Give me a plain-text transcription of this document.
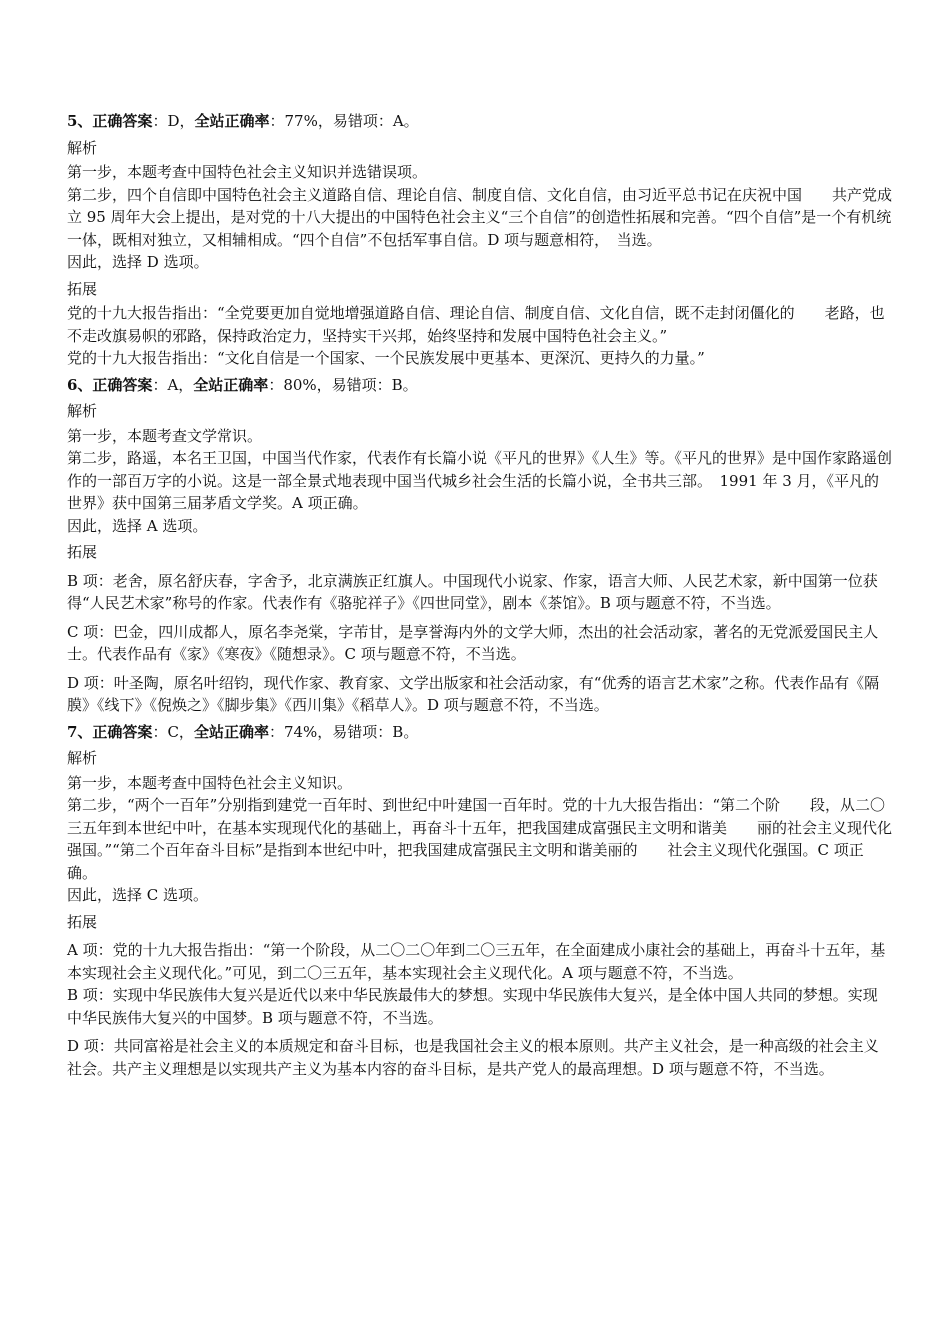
5、正确答案：D，全站正确率：77%，易错项：A。

解析

第一步，本题考查中国特色社会主义知识并选错误项。

第二步，四个自信即中国特色社会主义道路自信、理论自信、制度自信、文化自信，由习近平总书记在庆祝中国　　共产党成立 95 周年大会上提出，是对党的十八大提出的中国特色社会主义“三个自信”的创造性拓展和完善。“四个自信”是一个有机统一体，既相对独立，又相辅相成。“四个自信”不包括军事自信。D 项与题意相符，　当选。

因此，选择 D 选项。

拓展

党的十九大报告指出：“全党要更加自觉地增强道路自信、理论自信、制度自信、文化自信，既不走封闭僵化的　　老路，也不走改旗易帜的邪路，保持政治定力，坚持实干兴邦，始终坚持和发展中国特色社会主义。”

党的十九大报告指出：“文化自信是一个国家、一个民族发展中更基本、更深沉、更持久的力量。”

6、正确答案：A，全站正确率：80%，易错项：B。

解析

第一步，本题考查文学常识。

第二步，路遥，本名王卫国，中国当代作家，代表作有长篇小说《平凡的世界》《人生》等。《平凡的世界》是中国作家路遥创作的一部百万字的小说。这是一部全景式地表现中国当代城乡社会生活的长篇小说，全书共三部。　1991 年 3 月，《平凡的世界》获中国第三届茅盾文学奖。A 项正确。

因此，选择 A 选项。

拓展

B 项：老舍，原名舒庆春，字舍予，北京满族正红旗人。中国现代小说家、作家，语言大师、人民艺术家，新中国第一位获得“人民艺术家”称号的作家。代表作有《骆驼祥子》《四世同堂》，剧本《茶馆》。B 项与题意不符，不当选。

C 项：巴金，四川成都人，原名李尧棠，字芾甘，是享誉海内外的文学大师，杰出的社会活动家，著名的无党派爱国民主人士。代表作品有《家》《寒夜》《随想录》。C 项与题意不符，不当选。

D 项：叶圣陶，原名叶绍钧，现代作家、教育家、文学出版家和社会活动家，有“优秀的语言艺术家”之称。代表作品有《隔膜》《线下》《倪焕之》《脚步集》《西川集》《稻草人》。D 项与题意不符，不当选。

7、正确答案：C，全站正确率：74%，易错项：B。

解析

第一步，本题考查中国特色社会主义知识。

第二步，“两个一百年”分别指到建党一百年时、到世纪中叶建国一百年时。党的十九大报告指出：“第二个阶　　段，从二〇三五年到本世纪中叶，在基本实现现代化的基础上，再奋斗十五年，把我国建成富强民主文明和谐美　　丽的社会主义现代化强国。”“第二个百年奋斗目标”是指到本世纪中叶，把我国建成富强民主文明和谐美丽的　　社会主义现代化强国。C 项正确。

因此，选择 C 选项。

拓展

A 项：党的十九大报告指出：“第一个阶段，从二〇二〇年到二〇三五年，在全面建成小康社会的基础上，再奋斗十五年，基本实现社会主义现代化。”可见，到二〇三五年，基本实现社会主义现代化。A 项与题意不符，不当选。

B 项：实现中华民族伟大复兴是近代以来中华民族最伟大的梦想。实现中华民族伟大复兴，是全体中国人共同的梦想。实现中华民族伟大复兴的中国梦。B 项与题意不符，不当选。

D 项：共同富裕是社会主义的本质规定和奋斗目标，也是我国社会主义的根本原则。共产主义社会，是一种高级的社会主义社会。共产主义理想是以实现共产主义为基本内容的奋斗目标，是共产党人的最高理想。D 项与题意不符，不当选。
